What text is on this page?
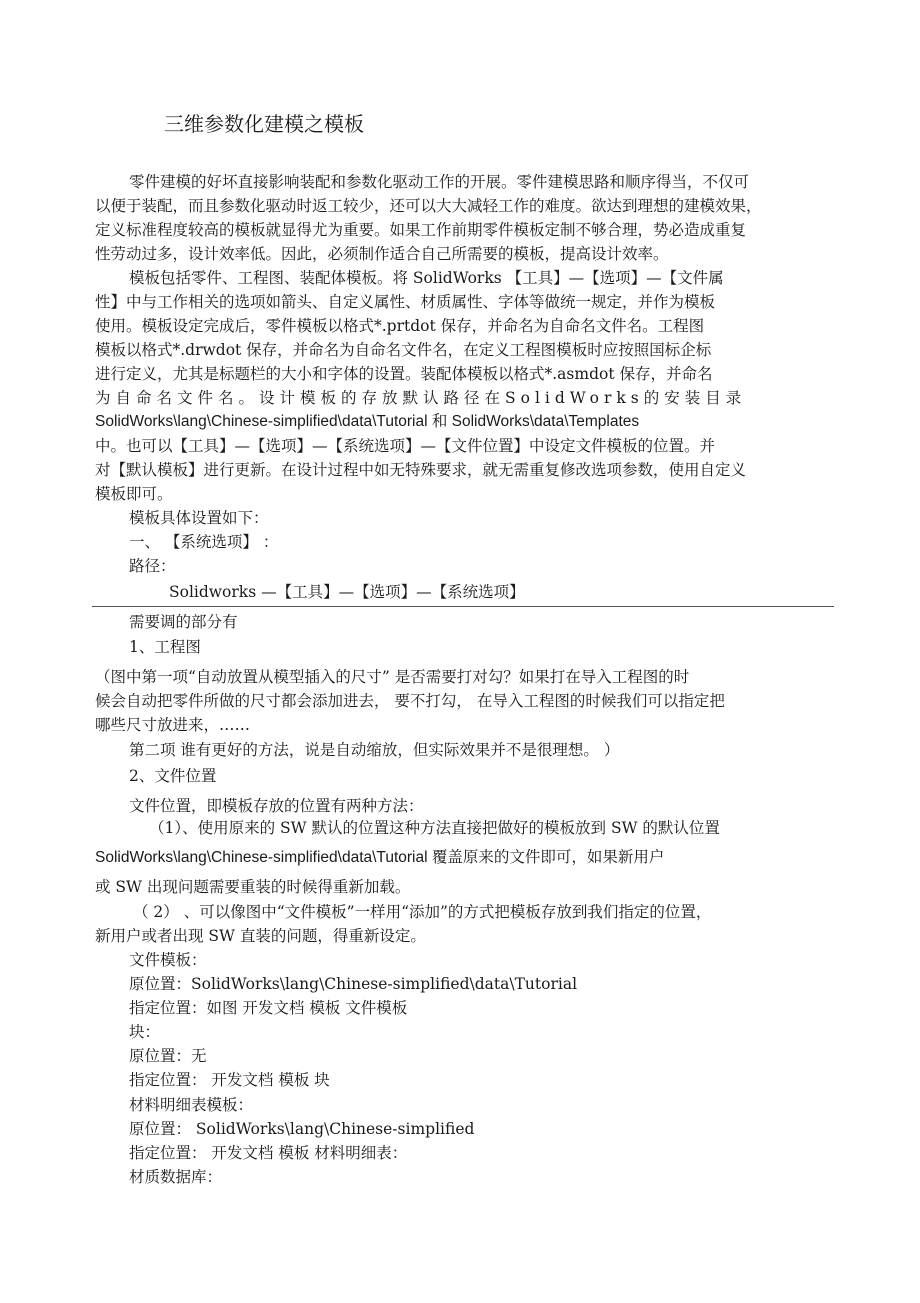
三维参数化建模之模板
零件建模的好坏直接影响装配和参数化驱动工作的开展。零件建模思路和顺序得当，不仅可
以便于装配，而且参数化驱动时返工较少，还可以大大减轻工作的难度。欲达到理想的建模效果，
定义标准程度较高的模板就显得尤为重要。如果工作前期零件模板定制不够合理，势必造成重复
性劳动过多，设计效率低。因此，必须制作适合自己所需要的模板，提高设计效率。
模板包括零件、工程图、装配体模板。将 SolidWorks 【工具】—【选项】—【文件属
性】中与工作相关的选项如箭头、自定义属性、材质属性、字体等做统一规定，并作为模板
使用。模板设定完成后，零件模板以格式*.prtdot 保存，并命名为自命名文件名。工程图
模板以格式*.drwdot 保存，并命名为自命名文件名，在定义工程图模板时应按照国标企标
进行定义，尤其是标题栏的大小和字体的设置。装配体模板以格式*.asmdot 保存，并命名
为自命名文件名。设计模板的存放默认路径在SolidWorks的安装目录
SolidWorks\lang\Chinese-simplified\data\Tutorial 和 SolidWorks\data\Templates
中。也可以【工具】—【选项】—【系统选项】—【文件位置】中设定文件模板的位置。并
对【默认模板】进行更新。在设计过程中如无特殊要求，就无需重复修改选项参数，使用自定义
模板即可。
模板具体设置如下：
一、 【系统选项】 ：
路径：
Solidworks —【工具】—【选项】—【系统选项】
需要调的部分有
1、工程图
（图中第一项“自动放置从模型插入的尺寸” 是否需要打对勾？如果打在导入工程图的时
候会自动把零件所做的尺寸都会添加进去， 要不打勾， 在导入工程图的时候我们可以指定把
哪些尺寸放进来，……
第二项 谁有更好的方法，说是自动缩放，但实际效果并不是很理想。 ）
2、文件位置
文件位置，即模板存放的位置有两种方法：
（1）、使用原来的 SW 默认的位置这种方法直接把做好的模板放到 SW 的默认位置
SolidWorks\lang\Chinese-simplified\data\Tutorial 覆盖原来的文件即可，如果新用户
或 SW 出现问题需要重装的时候得重新加载。
（ 2） 、可以像图中“文件模板”一样用“添加”的方式把模板存放到我们指定的位置，
新用户或者出现 SW 直装的问题，得重新设定。
文件模板：
原位置：SolidWorks\lang\Chinese-simplified\data\Tutorial
指定位置：如图 开发文档 模板 文件模板
块：
原位置：无
指定位置： 开发文档 模板 块
材料明细表模板：
原位置： SolidWorks\lang\Chinese-simplified
指定位置： 开发文档 模板 材料明细表：
材质数据库：
